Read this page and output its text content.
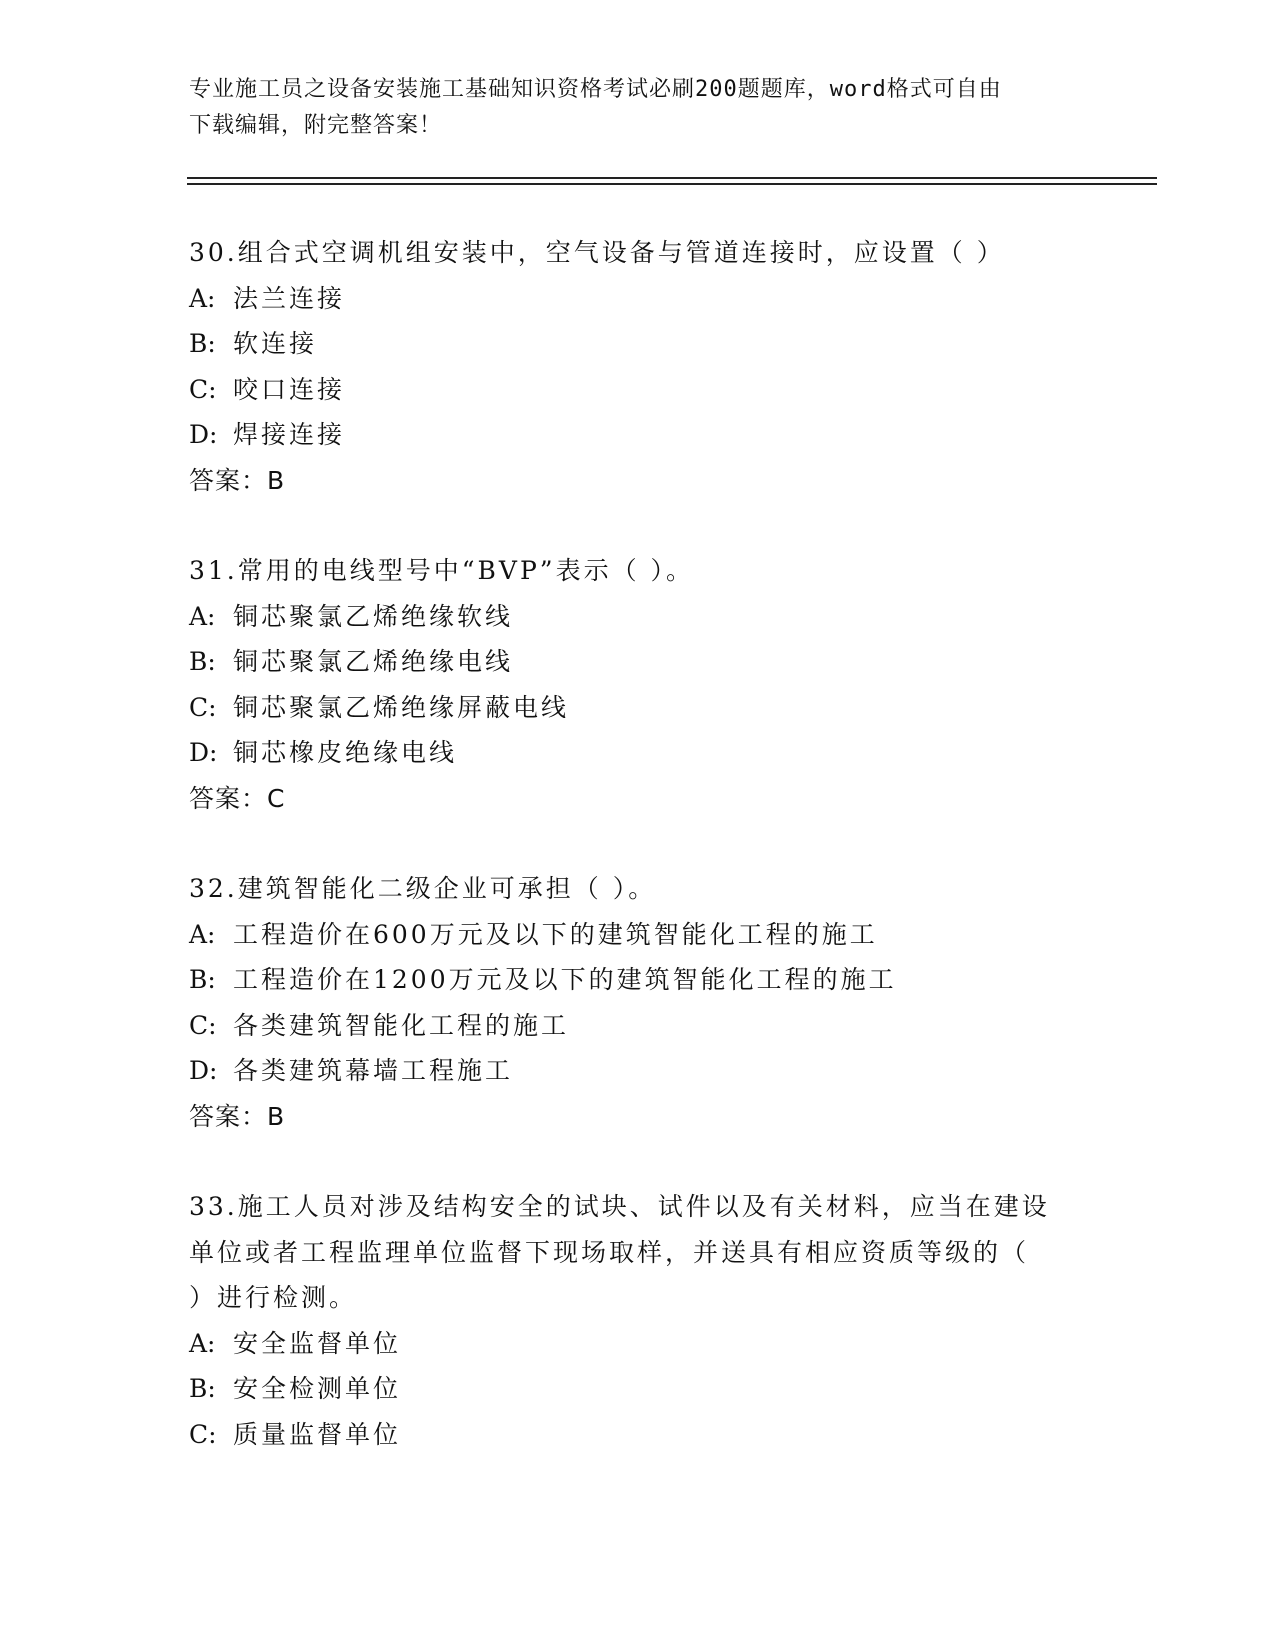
专业施工员之设备安装施工基础知识资格考试必刷200题题库，word格式可自由
下载编辑，附完整答案！
30.组合式空调机组安装中，空气设备与管道连接时，应设置（ ）
A: 法兰连接
B: 软连接
C: 咬口连接
D: 焊接连接
答案：B
31.常用的电线型号中“BVP”表示（ ）。
A: 铜芯聚氯乙烯绝缘软线
B: 铜芯聚氯乙烯绝缘电线
C: 铜芯聚氯乙烯绝缘屏蔽电线
D: 铜芯橡皮绝缘电线
答案：C
32.建筑智能化二级企业可承担（ ）。
A: 工程造价在600万元及以下的建筑智能化工程的施工
B: 工程造价在1200万元及以下的建筑智能化工程的施工
C: 各类建筑智能化工程的施工
D: 各类建筑幕墙工程施工
答案：B
33.施工人员对涉及结构安全的试块、试件以及有关材料，应当在建设
单位或者工程监理单位监督下现场取样，并送具有相应资质等级的（
）进行检测。
A: 安全监督单位
B: 安全检测单位
C: 质量监督单位
